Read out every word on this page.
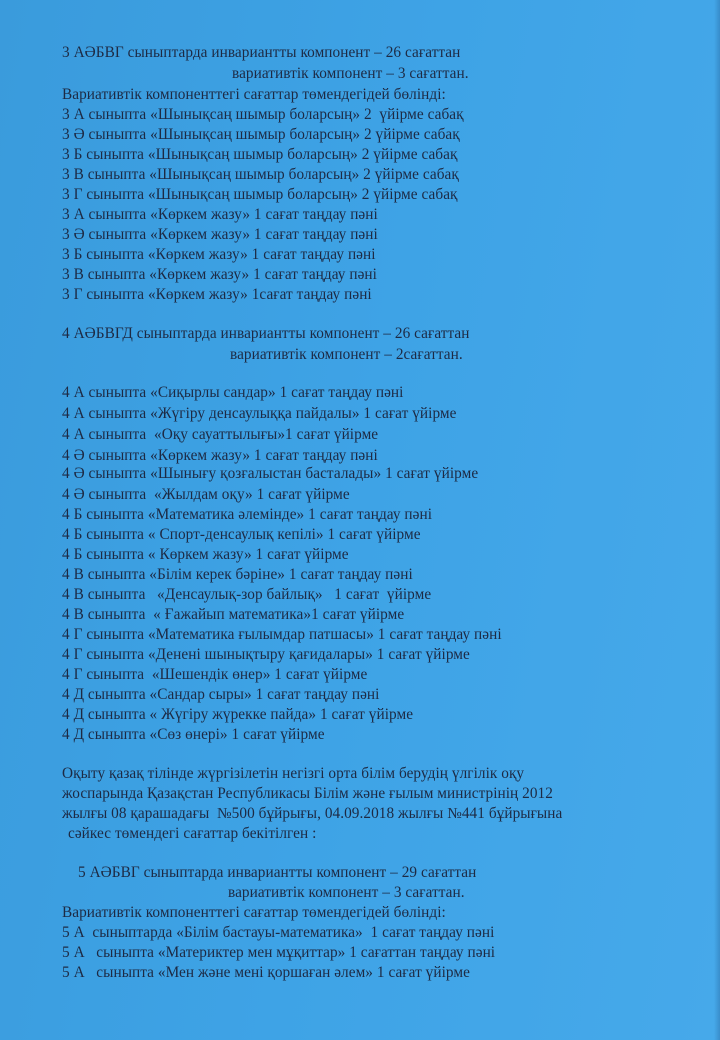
3 АӘБВГ сыныптарда инвариантты компонент – 26 сағаттан
вариативтік компонент – 3 сағаттан.
Вариативтік компоненттегі сағаттар төмендегідей бөлінді:
3 А сыныпта «Шынықсаң шымыр боларсың» 2  үйірме сабақ
3 Ә сыныпта «Шынықсаң шымыр боларсың» 2 үйірме сабақ
3 Б сыныпта «Шынықсаң шымыр боларсың» 2 үйірме сабақ
3 В сыныпта «Шынықсаң шымыр боларсың» 2 үйірме сабақ
3 Г сыныпта «Шынықсаң шымыр боларсың» 2 үйірме сабақ
3 А сыныпта «Көркем жазу» 1 сағат таңдау пәні
3 Ә сыныпта «Көркем жазу» 1 сағат таңдау пәні
3 Б сыныпта «Көркем жазу» 1 сағат таңдау пәні
3 В сыныпта «Көркем жазу» 1 сағат таңдау пәні
3 Г сыныпта «Көркем жазу» 1сағат таңдау пәні
4 АӘБВГД сыныптарда инвариантты компонент – 26 сағаттан
вариативтік компонент – 2сағаттан.
4 А сыныпта «Сиқырлы сандар» 1 сағат таңдау пәні
4 А сыныпта «Жүгіру денсаулыққа пайдалы» 1 сағат үйірме
4 А сыныпта  «Оқу сауаттылығы»1 сағат үйірме
4 Ә сыныпта «Көркем жазу» 1 сағат таңдау пәні
4 Ә сыныпта «Шынығу қозғалыстан басталады» 1 сағат үйірме
4 Ә сыныпта  «Жылдам оқу» 1 сағат үйірме
4 Б сыныпта «Математика әлемінде» 1 сағат таңдау пәні
4 Б сыныпта « Спорт-денсаулық кепілі» 1 сағат үйірме
4 Б сыныпта « Көркем жазу» 1 сағат үйірме
4 В сыныпта «Білім керек бәріне» 1 сағат таңдау пәні
4 В сыныпта   «Денсаулық-зор байлық»   1 сағат  үйірме
4 В сыныпта  « Ғажайып математика»1 сағат үйірме
4 Г сыныпта «Математика ғылымдар патшасы» 1 сағат таңдау пәні
4 Г сыныпта «Денені шынықтыру қағидалары» 1 сағат үйірме
4 Г сыныпта  «Шешендік өнер» 1 сағат үйірме
4 Д сыныпта «Сандар сыры» 1 сағат таңдау пәні
4 Д сыныпта « Жүгіру жүрекке пайда» 1 сағат үйірме
4 Д сыныпта «Сөз өнері» 1 сағат үйірме
Оқыту қазақ тілінде жүргізілетін негізгі орта білім берудің үлгілік оқу
жоспарында Қазақстан Республикасы Білім және ғылым министрінің 2012
жылғы 08 қарашадағы  №500 бұйрығы, 04.09.2018 жылғы №441 бұйрығына
сәйкес төмендегі сағаттар бекітілген :
5 АӘБВГ сыныптарда инвариантты компонент – 29 сағаттан
вариативтік компонент – 3 сағаттан.
Вариативтік компоненттегі сағаттар төмендегідей бөлінді:
5 А  сыныптарда «Білім бастауы-математика»  1 сағат таңдау пәні
5 А   сыныпта «Материктер мен мұқиттар» 1 сағаттан таңдау пәні
5 А   сыныпта «Мен және мені қоршаған әлем» 1 сағат үйірме
